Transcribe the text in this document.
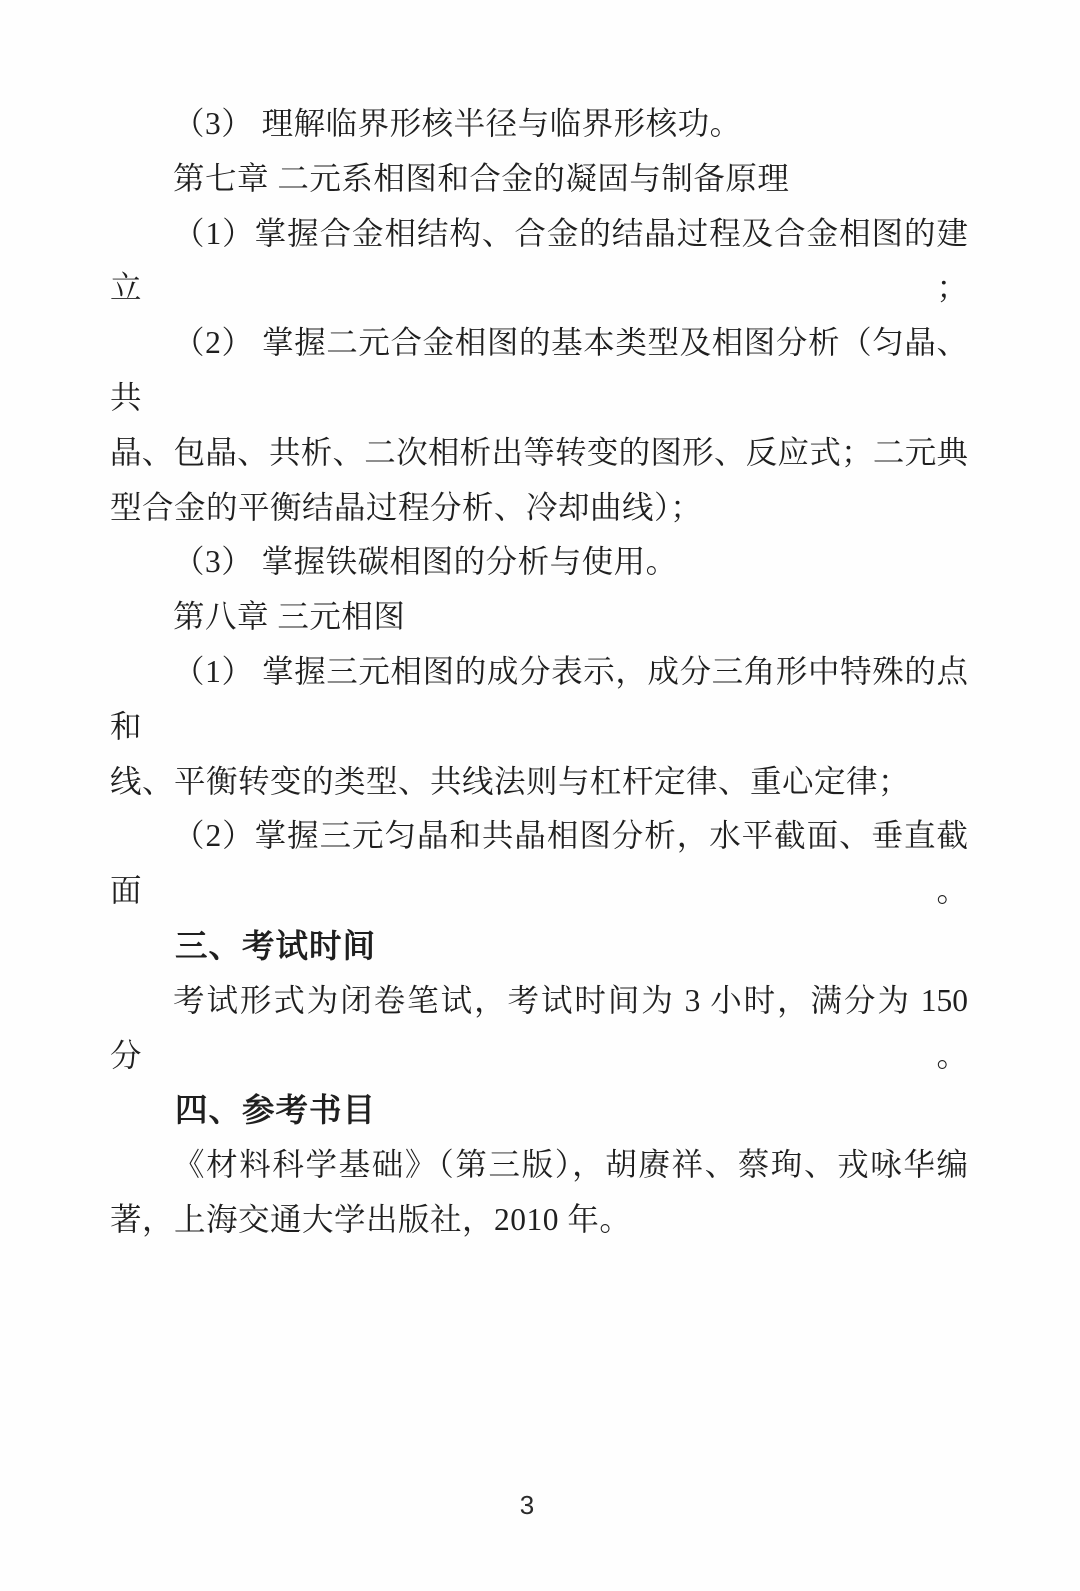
（3） 理解临界形核半径与临界形核功。
第七章 二元系相图和合金的凝固与制备原理
（1）掌握合金相结构、合金的结晶过程及合金相图的建立；
（2） 掌握二元合金相图的基本类型及相图分析（匀晶、共
晶、包晶、共析、二次相析出等转变的图形、反应式；二元典
型合金的平衡结晶过程分析、冷却曲线）；
（3） 掌握铁碳相图的分析与使用。
第八章 三元相图
（1） 掌握三元相图的成分表示，成分三角形中特殊的点和
线、平衡转变的类型、共线法则与杠杆定律、重心定律；
（2）掌握三元匀晶和共晶相图分析，水平截面、垂直截面。
三、考试时间
考试形式为闭卷笔试，考试时间为 3 小时，满分为 150 分。
四、参考书目
《材料科学基础》（第三版），胡赓祥、蔡珣、戎咏华编
著，上海交通大学出版社，2010 年。
3
